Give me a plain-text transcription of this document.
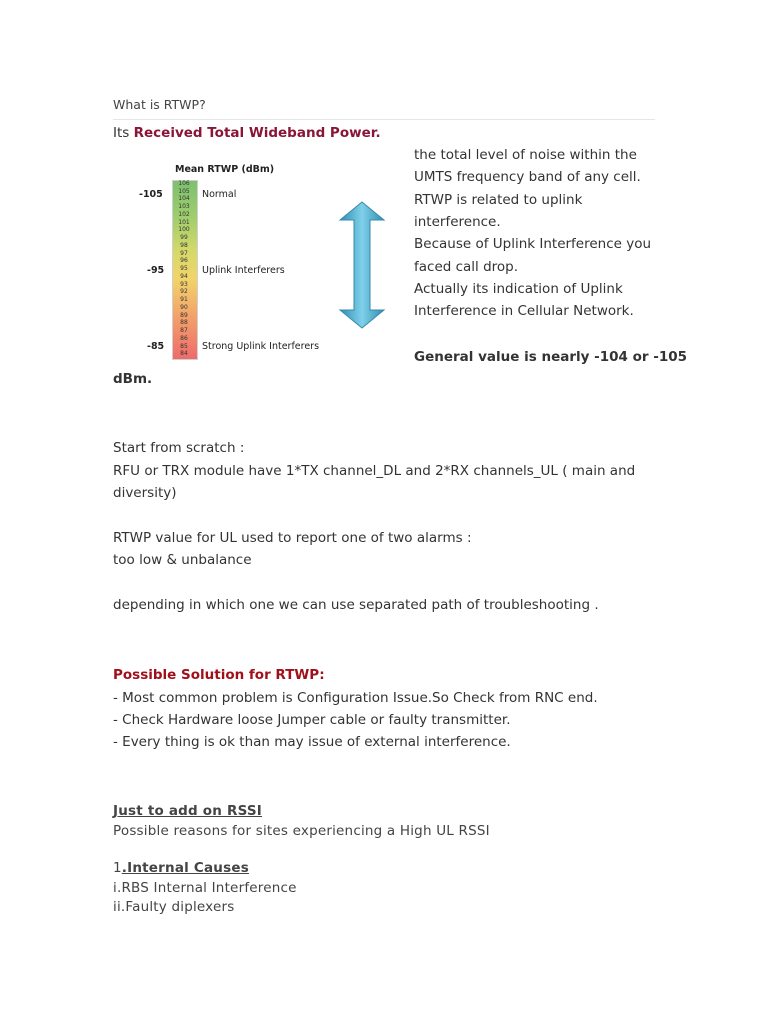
What is RTWP?
Its Received Total Wideband Power.
Mean RTWP (dBm)
106
105
104
103
102
101
100
99
98
97
96
95
94
93
92
91
90
89
88
87
86
85
84
-105	Normal
-95	Uplink Interferers
-85	Strong Uplink Interferers
the total level of noise within the
UMTS frequency band of any cell.
RTWP is related to uplink
interference.
Because of Uplink Interference you
faced call drop.
Actually its indication of Uplink
Interference in Cellular Network.
General value is nearly -104 or -105
dBm.
Start from scratch :
RFU or TRX module have 1*TX channel_DL and 2*RX channels_UL ( main and
diversity)
RTWP value for UL used to report one of two alarms :
too low & unbalance
depending in which one we can use separated path of troubleshooting .
Possible Solution for RTWP:
- Most common problem is Configuration Issue.So Check from RNC end.
- Check Hardware loose Jumper cable or faulty transmitter.
- Every thing is ok than may issue of external interference.
Just to add on RSSI
Possible reasons for sites experiencing a High UL RSSI
1.Internal Causes
i.RBS Internal Interference
ii.Faulty diplexers
